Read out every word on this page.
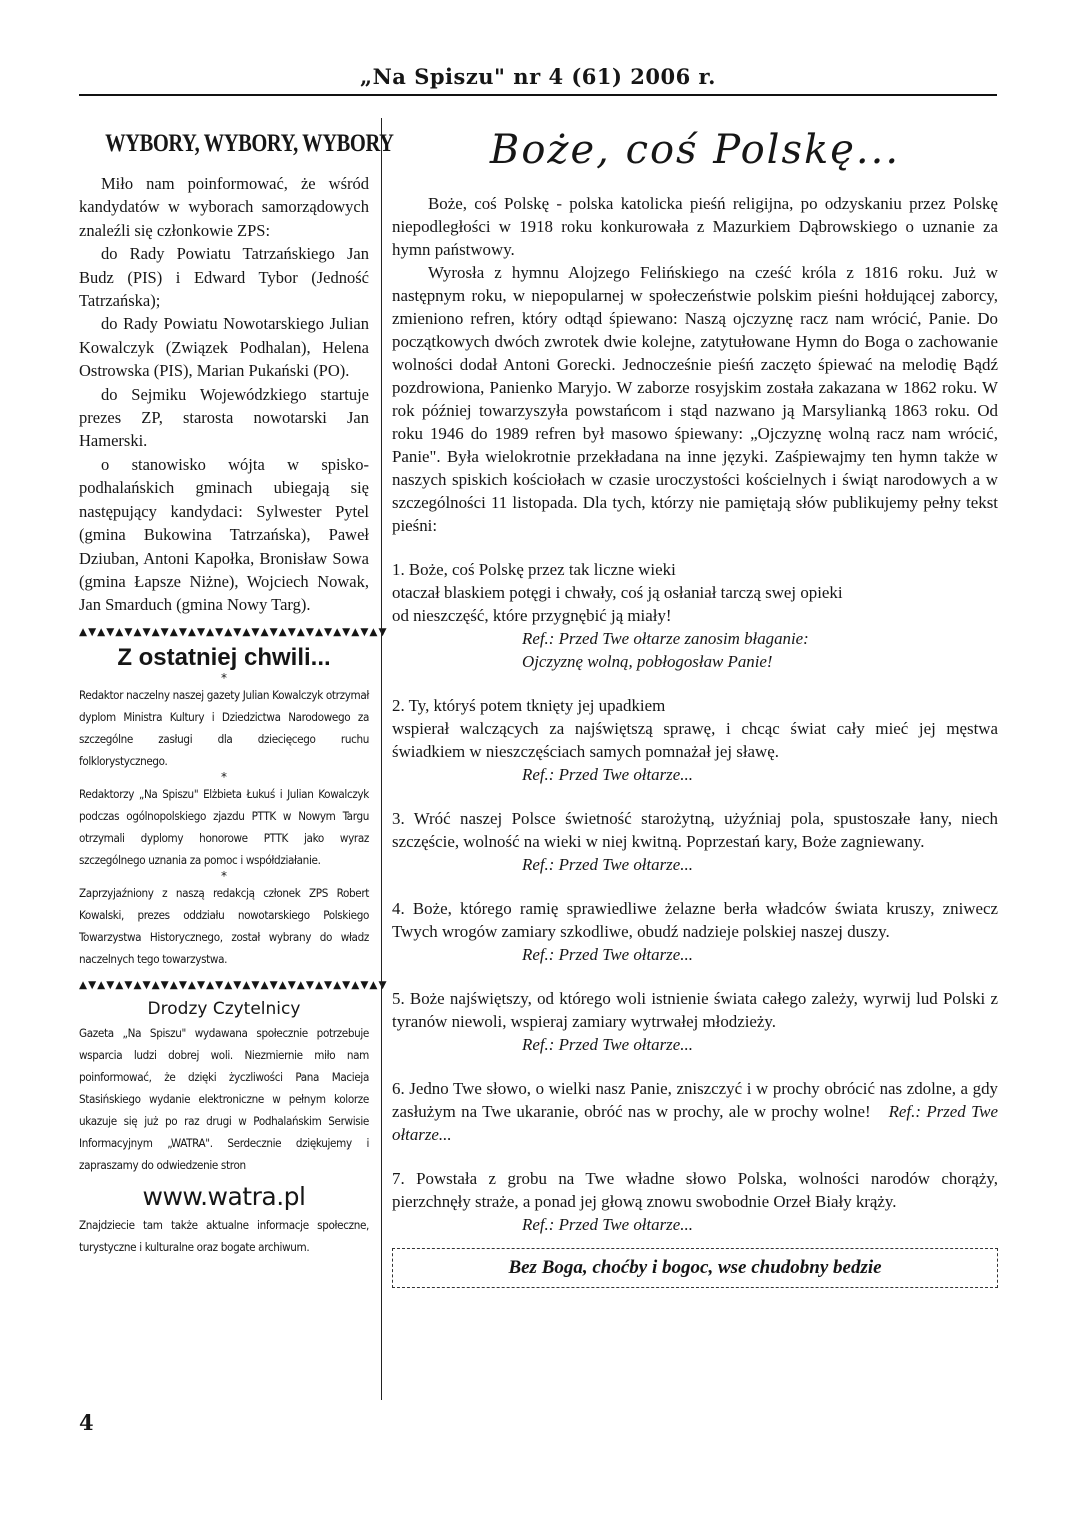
„Na Spiszu" nr 4 (61) 2006 r.
WYBORY, WYBORY, WYBORY

Miło nam poinformować, że wśród kandydatów w wyborach samorządowych znaleźli się członkowie ZPS:

do Rady Powiatu Tatrzańskiego Jan Budz (PIS) i Edward Tybor (Jedność Tatrzańska);

do Rady Powiatu Nowotarskiego Julian Kowalczyk (Związek Podhalan), Helena Ostrowska (PIS), Marian Pukański (PO).

do Sejmiku Wojewódzkiego startuje prezes ZP, starosta nowotarski Jan Hamerski.

o stanowisko wójta w spisko-podhalańskich gminach ubiegają się następujący kandydaci: Sylwester Pytel (gmina Bukowina Tatrzańska), Paweł Dziuban, Antoni Kapołka, Bronisław Sowa (gmina Łapsze Niżne), Wojciech Nowak, Jan Smarduch (gmina Nowy Targ).

▲▼▲▼▲▼▲▼▲▼▲▼▲▼▲▼▲▼▲▼▲▼▲▼▲▼▲▼▲▼▲▼▲▼
Z ostatniej chwili...
*

Redaktor naczelny naszej gazety Julian Kowalczyk otrzymał dyplom Ministra Kultury i Dziedzictwa Narodowego za szczególne zasługi dla dziecięcego ruchu folklorystycznego.

*

Redaktorzy „Na Spiszu" Elżbieta Łukuś i Julian Kowalczyk podczas ogólnopolskiego zjazdu PTTK w Nowym Targu otrzymali dyplomy honorowe PTTK jako wyraz szczególnego uznania za pomoc i współdziałanie.

*

Zaprzyjaźniony z naszą redakcją członek ZPS Robert Kowalski, prezes oddziału nowotarskiego Polskiego Towarzystwa Historycznego, został wybrany do władz naczelnych tego towarzystwa.

▲▼▲▼▲▼▲▼▲▼▲▼▲▼▲▼▲▼▲▼▲▼▲▼▲▼▲▼▲▼▲▼▲▼
Drodzy Czytelnicy

Gazeta „Na Spiszu" wydawana społecznie potrzebuje wsparcia ludzi dobrej woli. Niezmiernie miło nam poinformować, że dzięki życzliwości Pana Macieja Stasińskiego wydanie elektroniczne w pełnym kolorze ukazuje się już po raz drugi w Podhalańskim Serwisie Informacyjnym „WATRA". Serdecznie dziękujemy i zapraszamy do odwiedzenie stron

www.watra.pl

Znajdziecie tam także aktualne informacje społeczne, turystyczne i kulturalne oraz bogate archiwum.

Boże, coś Polskę...

Boże, coś Polskę - polska katolicka pieśń religijna, po odzyskaniu przez Polskę niepodległości w 1918 roku konkurowała z Mazurkiem Dąbrowskiego o uznanie za hymn państwowy.

Wyrosła z hymnu Alojzego Felińskiego na cześć króla z 1816 roku. Już w następnym roku, w niepopularnej w społeczeństwie polskim pieśni hołdującej zaborcy, zmieniono refren, który odtąd śpiewano: Naszą ojczyznę racz nam wrócić, Panie. Do początkowych dwóch zwrotek dwie kolejne, zatytułowane Hymn do Boga o zachowanie wolności dodał Antoni Gorecki. Jednocześnie pieśń zaczęto śpiewać na melodię Bądź pozdrowiona, Panienko Maryjo. W zaborze rosyjskim została zakazana w 1862 roku. W rok później towarzyszyła powstańcom i stąd nazwano ją Marsylianką 1863 roku. Od roku 1946 do 1989 refren był masowo śpiewany: „Ojczyznę wolną racz nam wrócić, Panie". Była wielokrotnie przekładana na inne języki. Zaśpiewajmy ten hymn także w naszych spiskich kościołach w czasie uroczystości kościelnych i świąt narodowych a w szczególności 11 listopada. Dla tych, którzy nie pamiętają słów publikujemy pełny tekst pieśni:

1. Boże, coś Polskę przez tak liczne wieki

otaczał blaskiem potęgi i chwały, coś ją osłaniał tarczą swej opieki

od nieszczęść, które przygnębić ją miały!

Ref.: Przed Twe ołtarze zanosim błaganie:

Ojczyznę wolną, pobłogosław Panie!

2. Ty, któryś potem tknięty jej upadkiem

wspierał walczących za najświętszą sprawę, i chcąc świat cały mieć jej męstwa świadkiem w nieszczęściach samych pomnażał jej sławę.

Ref.: Przed Twe ołtarze...

3. Wróć naszej Polsce świetność starożytną, użyźniaj pola, spustoszałe łany, niech szczęście, wolność na wieki w niej kwitną. Poprzestań kary, Boże zagniewany.

Ref.: Przed Twe ołtarze...

4. Boże, którego ramię sprawiedliwe żelazne berła władców świata kruszy, zniwecz Twych wrogów zamiary szkodliwe, obudź nadzieje polskiej naszej duszy.

Ref.: Przed Twe ołtarze...

5. Boże najświętszy, od którego woli istnienie świata całego zależy, wyrwij lud Polski z tyranów niewoli, wspieraj zamiary wytrwałej młodzieży.

Ref.: Przed Twe ołtarze...

6. Jedno Twe słowo, o wielki nasz Panie, zniszczyć i w prochy obrócić nas zdolne, a gdy zasłużym na Twe ukaranie, obróć nas w prochy, ale w prochy wolne! Ref.: Przed Twe ołtarze...

7. Powstała z grobu na Twe władne słowo Polska, wolności narodów chorąży, pierzchnęły straże, a ponad jej głową znowu swobodnie Orzeł Biały krąży.

Ref.: Przed Twe ołtarze...

Bez Boga, choćby i bogoc, wse chudobny bedzie
4
